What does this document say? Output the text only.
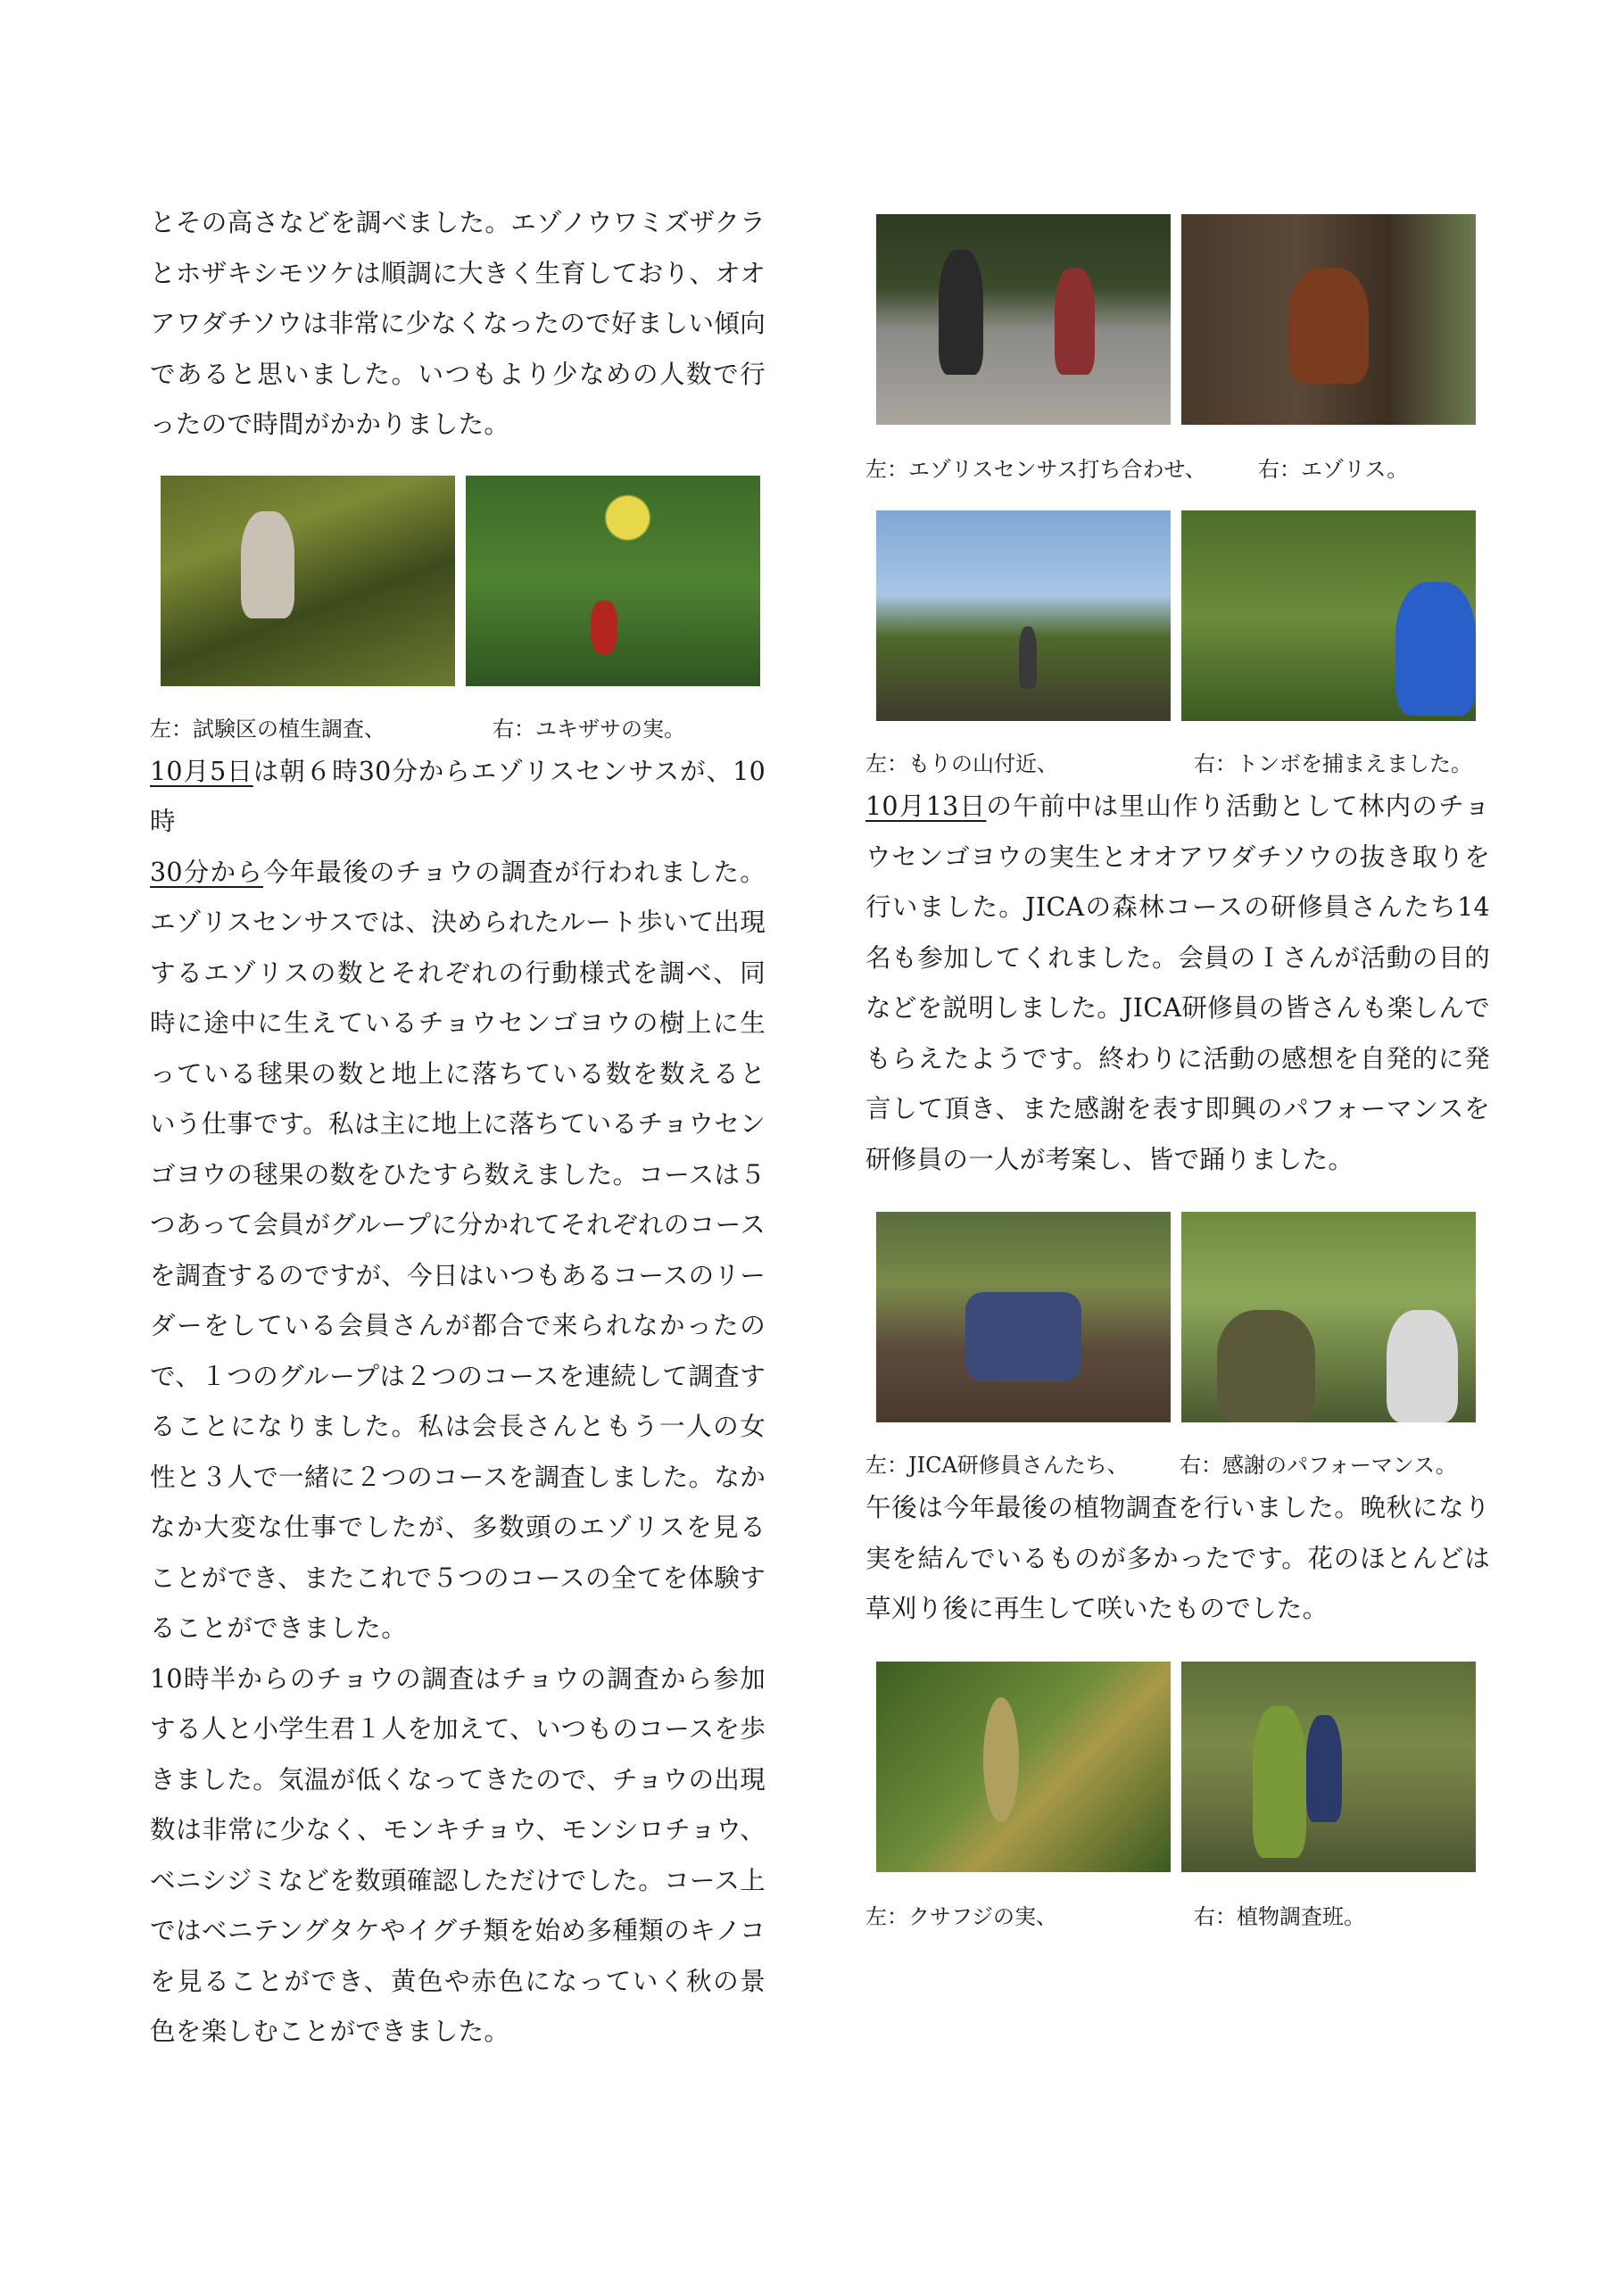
とその高さなどを調べました。エゾノウワミズザクラとホザキシモツケは順調に大きく生育しており、オオアワダチソウは非常に少なくなったので好ましい傾向であると思いました。いつもより少なめの人数で行ったので時間がかかりました。

左：試験区の植生調査、	右：ユキザサの実。

10月5日は朝６時30分からエゾリスセンサスが、10時
30分から今年最後のチョウの調査が行われました。エゾリスセンサスでは、決められたルート歩いて出現するエゾリスの数とそれぞれの行動様式を調べ、同時に途中に生えているチョウセンゴヨウの樹上に生っている毬果の数と地上に落ちている数を数えるという仕事です。私は主に地上に落ちているチョウセンゴヨウの毬果の数をひたすら数えました。コースは５つあって会員がグループに分かれてそれぞれのコースを調査するのですが、今日はいつもあるコースのリーダーをしている会員さんが都合で来られなかったので、１つのグループは２つのコースを連続して調査することになりました。私は会長さんともう一人の女性と３人で一緒に２つのコースを調査しました。なかなか大変な仕事でしたが、多数頭のエゾリスを見ることができ、またこれで５つのコースの全てを体験することができました。

10時半からのチョウの調査はチョウの調査から参加する人と小学生君１人を加えて、いつものコースを歩きました。気温が低くなってきたので、チョウの出現数は非常に少なく、モンキチョウ、モンシロチョウ、ベニシジミなどを数頭確認しただけでした。コース上ではベニテングタケやイグチ類を始め多種類のキノコを見ることができ、黄色や赤色になっていく秋の景色を楽しむことができました。

左：エゾリスセンサス打ち合わせ、 右：エゾリス。
左：もりの山付近、	右：トンボを捕まえました。

10月13日の午前中は里山作り活動として林内のチョウセンゴヨウの実生とオオアワダチソウの抜き取りを行いました。JICAの森林コースの研修員さんたち14名も参加してくれました。会員のＩさんが活動の目的などを説明しました。JICA研修員の皆さんも楽しんでもらえたようです。終わりに活動の感想を自発的に発言して頂き、また感謝を表す即興のパフォーマンスを研修員の一人が考案し、皆で踊りました。

左：JICA研修員さんたち、 右：感謝のパフォーマンス。

午後は今年最後の植物調査を行いました。晩秋になり実を結んでいるものが多かったです。花のほとんどは草刈り後に再生して咲いたものでした。

左：クサフジの実、	右：植物調査班。
